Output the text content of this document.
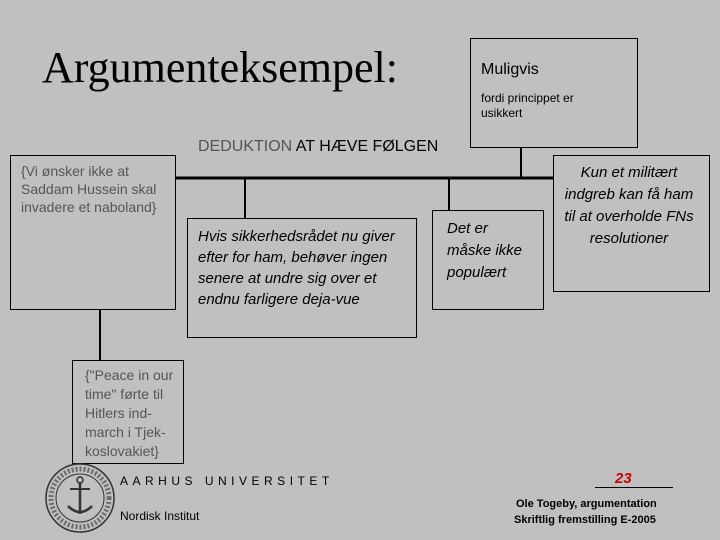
Argumenteksempel:	Muligvis
fordi princippet er usikkert
DEDUKTION AT HÆVE FØLGEN
{Vi ønsker ikke at Saddam Hussein skal invadere et naboland}
Hvis sikkerhedsrådet nu giver efter for ham, behøver ingen senere at undre sig over et endnu farligere deja-vue
Det er måske ikke populært
Kun et militært indgreb kan få ham til at overholde FNs resolutioner
{"Peace in our time" førte til Hitlers ind-march i Tjek-koslovakiet}
AARHUS UNIVERSITET
Nordisk Institut
23
Ole Togeby, argumentation
Skriftlig fremstilling E-2005
